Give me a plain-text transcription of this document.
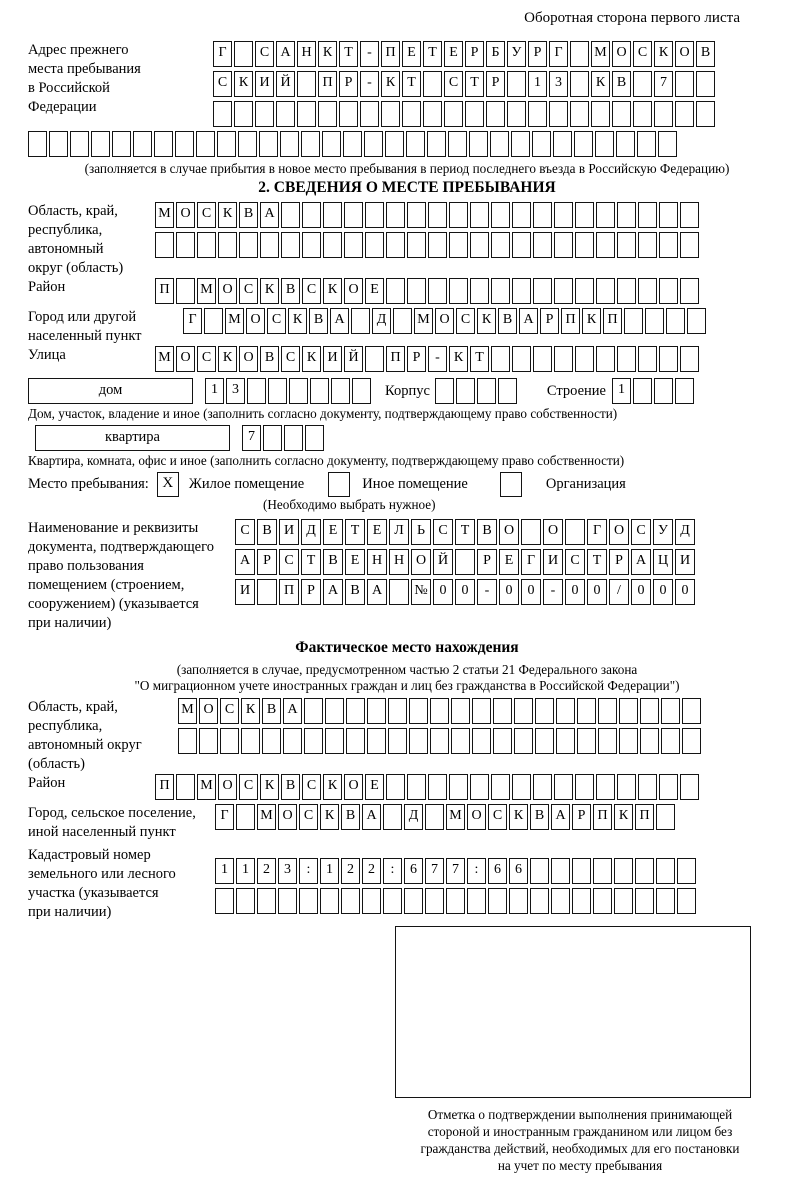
Оборотная сторона первого листа
Адрес прежнего
места пребывания
в Российской
Федерации
Г	С А Н К Т	- П Е Т Е Р Б У Р Г	М О С К О В
С К И Й	П Р	-	К Т	С Т Р	1	3	К В	7
(заполняется в случае прибытия в новое место пребывания в период последнего въезда в Российскую Федерацию)
2. СВЕДЕНИЯ О МЕСТЕ ПРЕБЫВАНИЯ
Область, край,
республика,
автономный
округ (область)
М О С К В А
Район	П	М О С К В С К О Е
Город или другой
населенный пункт
Г	М О С К В А	Д	М О С К В А Р П К П
Улица	М О С К О В С К И Й	П Р	-	К Т
дом	1	3	Корпус	Строение 1
Дом, участок, владение и иное (заполнить согласно документу, подтверждающему право собственности)
квартира	7
Квартира, комната, офис и иное (заполнить согласно документу, подтверждающему право собственности)
Место пребывания: X	Жилое помещение	Иное помещение	Организация
(Необходимо выбрать нужное)
Наименование и реквизиты
документа, подтверждающего
право пользования
помещением (строением,
сооружением) (указывается
при наличии)
С В И Д Е Т Е Л Ь С Т В О	О	Г О С У Д
А Р С Т В Е Н Н О Й	Р Е Г И С Т Р А Ц И
И	П Р А В А	№ 0	0	-	0	0	-	0	0	/	0	0	0
Фактическое место нахождения
(заполняется в случае, предусмотренном частью 2 статьи 21 Федерального закона
"О миграционном учете иностранных граждан и лиц без гражданства в Российской Федерации")
Область, край,
республика,
автономный округ
(область)
М О С К В А
Район	П	М О С К В С К О Е
Город, сельское поселение,
иной населенный пункт
Г	М О С К В А	Д	М О С К В А Р П К П
Кадастровый номер
земельного или лесного
участка (указывается
при наличии)
1	1	2	3	:	1	2	2	:	6	7	7	:	6	6
Отметка о подтверждении выполнения принимающей
стороной и иностранным гражданином или лицом без
гражданства действий, необходимых для его постановки
на учет по месту пребывания
